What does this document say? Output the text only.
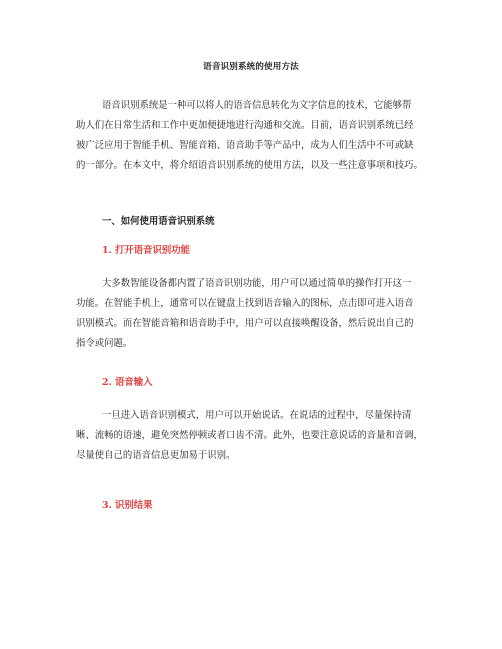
语音识别系统的使用方法
语音识别系统是一种可以将人的语音信息转化为文字信息的技术，它能够帮
助人们在日常生活和工作中更加便捷地进行沟通和交流。目前，语音识别系统已经
被广泛应用于智能手机、智能音箱、语音助手等产品中，成为人们生活中不可或缺
的一部分。在本文中，将介绍语音识别系统的使用方法，以及一些注意事项和技巧。
一、如何使用语音识别系统
1. 打开语音识别功能
大多数智能设备都内置了语音识别功能，用户可以通过简单的操作打开这一
功能。在智能手机上，通常可以在键盘上找到语音输入的图标，点击即可进入语音
识别模式。而在智能音箱和语音助手中，用户可以直接唤醒设备，然后说出自己的
指令或问题。
2. 语音输入
一旦进入语音识别模式，用户可以开始说话。在说话的过程中，尽量保持清
晰、流畅的语速，避免突然停顿或者口齿不清。此外，也要注意说话的音量和音调，
尽量使自己的语音信息更加易于识别。
3. 识别结果
